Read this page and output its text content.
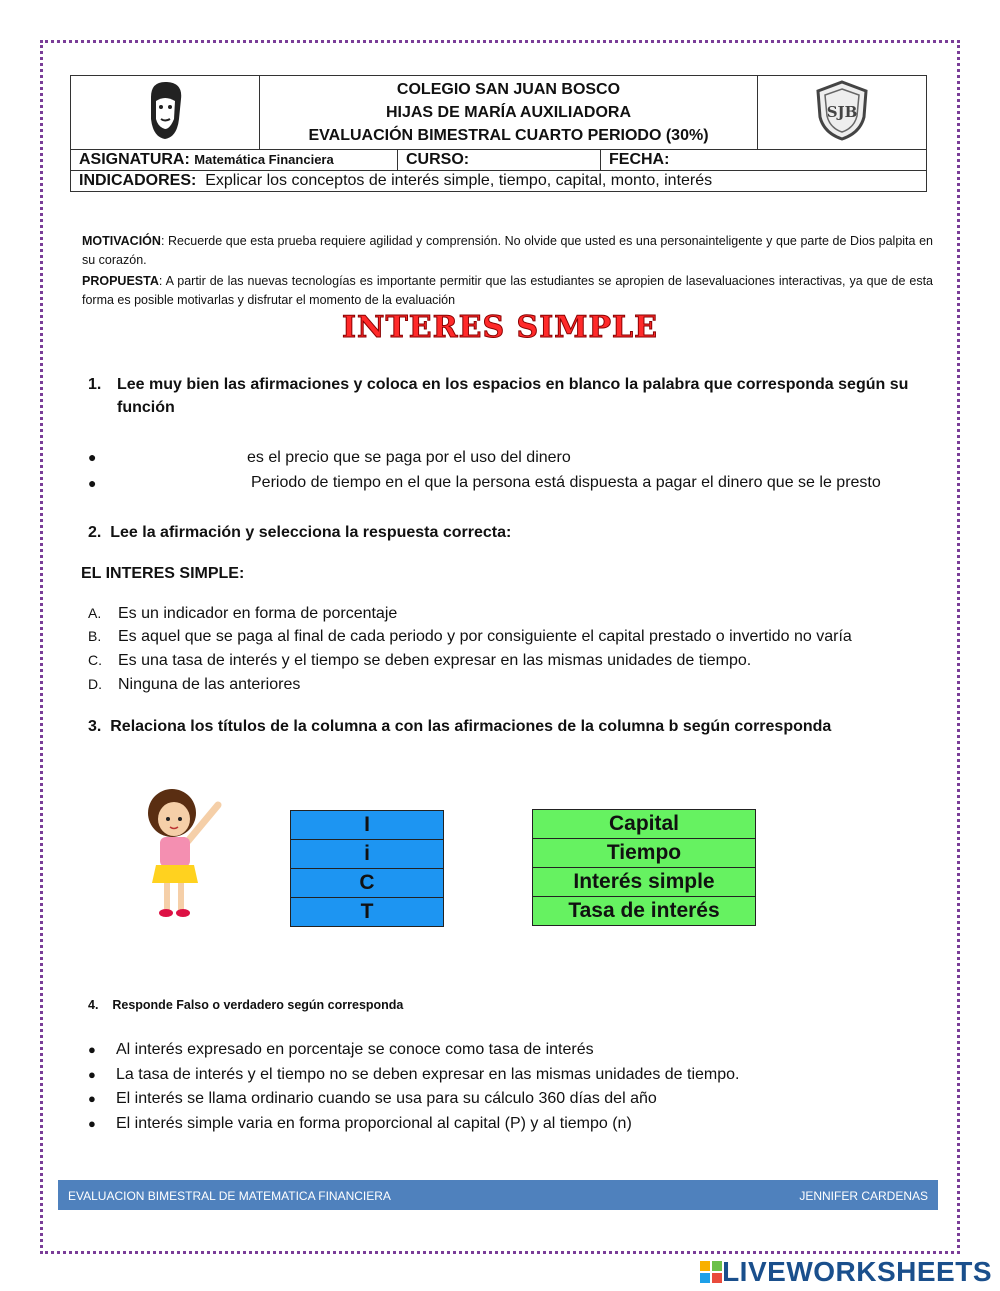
COLEGIO SAN JUAN BOSCO
HIJAS DE MARÍA AUXILIADORA
EVALUACIÓN BIMESTRAL CUARTO PERIODO (30%)

SJB
ASIGNATURA: Matemática Financiera	CURSO:	FECHA:
INDICADORES: Explicar los conceptos de interés simple, tiempo, capital, monto, interés
MOTIVACIÓN: Recuerde que esta prueba requiere agilidad y comprensión. No olvide que usted es una personainteligente y que parte de Dios palpita en su corazón.
PROPUESTA: A partir de las nuevas tecnologías es importante permitir que las estudiantes se apropien de lasevaluaciones interactivas, ya que de esta forma es posible motivarlas y disfrutar el momento de la evaluación
INTERES SIMPLE
1. Lee muy bien las afirmaciones y coloca en los espacios en blanco la palabra que corresponda según su función
●	es el precio que se paga por el uso del dinero
●	Periodo de tiempo en el que la persona está dispuesta a pagar el dinero que se le presto
2. Lee la afirmación y selecciona la respuesta correcta:
EL INTERES SIMPLE:
A. Es un indicador en forma de porcentaje
B. Es aquel que se paga al final de cada periodo y por consiguiente el capital prestado o invertido no varía
C. Es una tasa de interés y el tiempo se deben expresar en las mismas unidades de tiempo.
D. Ninguna de las anteriores
3. Relaciona los títulos de la columna a con las afirmaciones de la columna b según corresponda
I
i
C
T
Capital
Tiempo
Interés simple
Tasa de interés
4. Responde Falso o verdadero según corresponda
● Al interés expresado en porcentaje se conoce como tasa de interés
● La tasa de interés y el tiempo no se deben expresar en las mismas unidades de tiempo.
● El interés se llama ordinario cuando se usa para su cálculo 360 días del año
● El interés simple varia en forma proporcional al capital (P) y al tiempo (n)
EVALUACION BIMESTRAL DE MATEMATICA FINANCIERA	JENNIFER CARDENAS
LIVEWORKSHEETS
